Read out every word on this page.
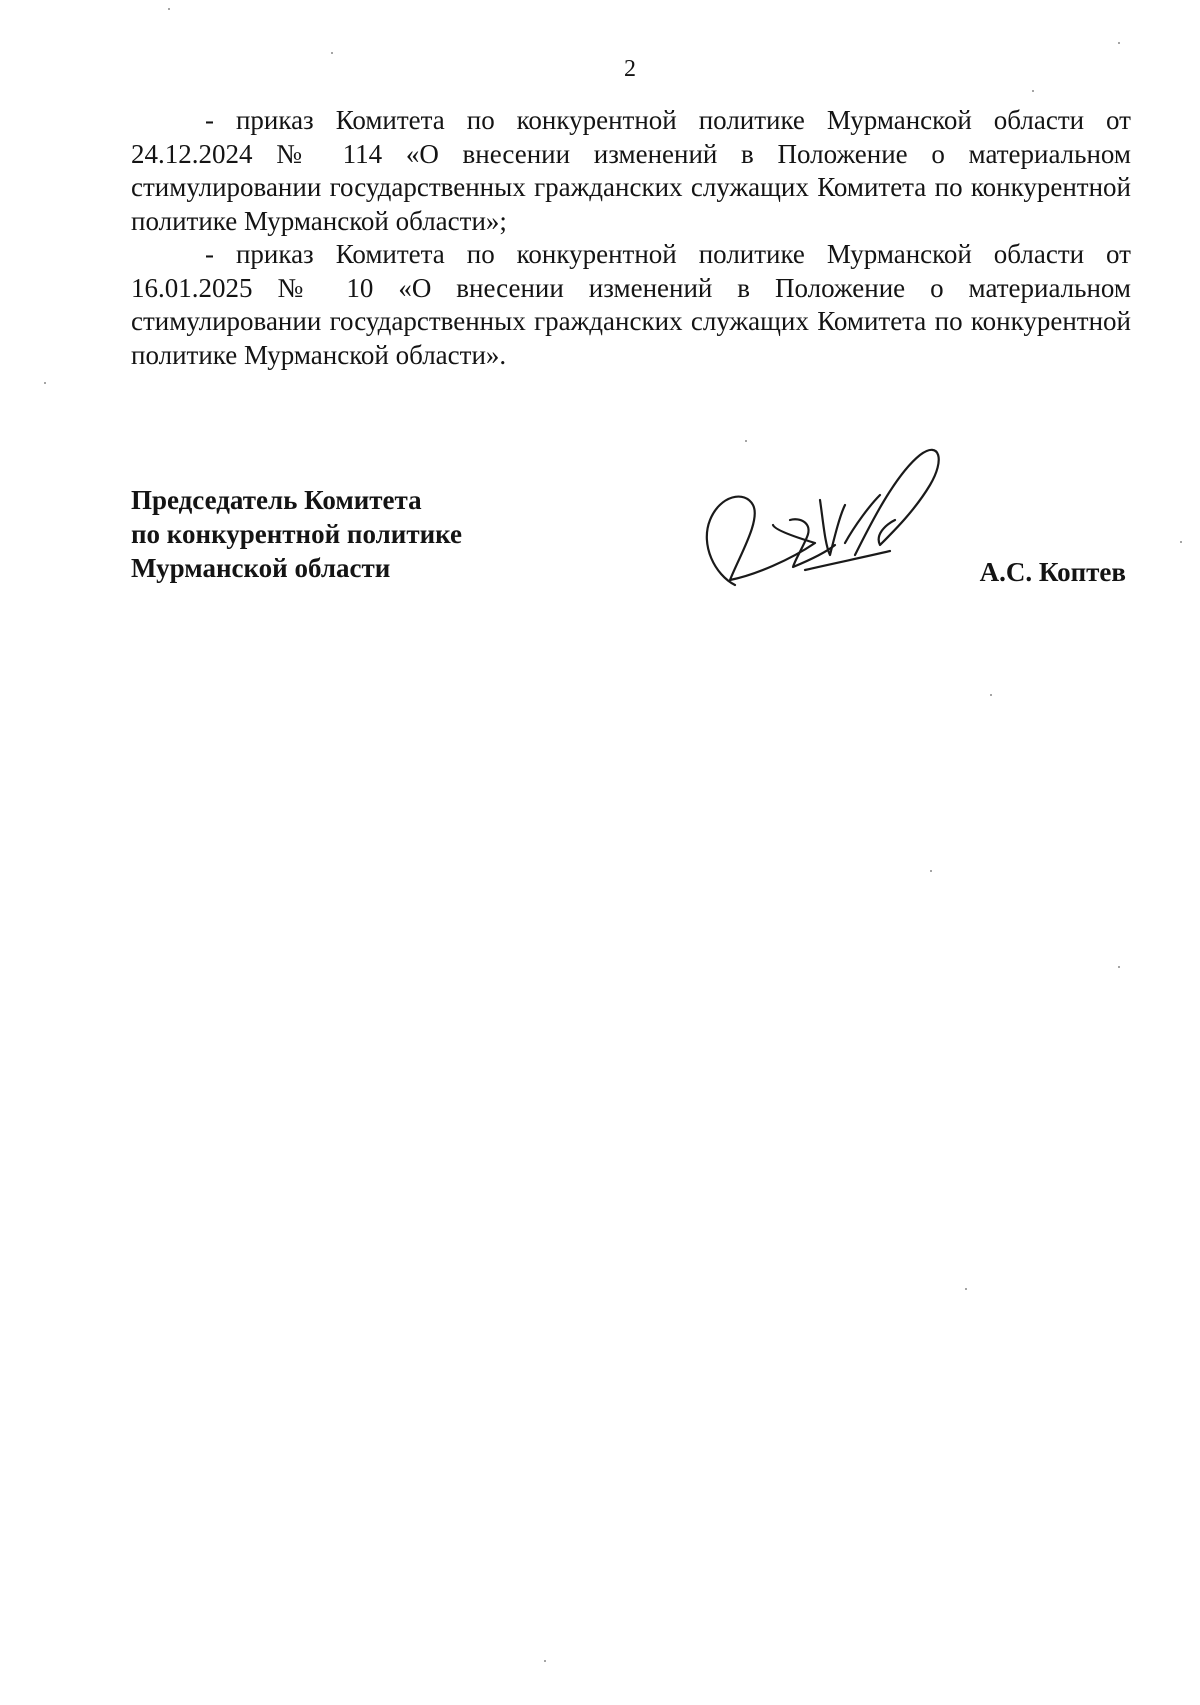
2

- приказ Комитета по конкурентной политике Мурманской области от 24.12.2024 № 114 «О внесении изменений в Положение о материальном стимулировании государственных гражданских служащих Комитета по конкурентной политике Мурманской области»;

- приказ Комитета по конкурентной политике Мурманской области от 16.01.2025 № 10 «О внесении изменений в Положение о материальном стимулировании государственных гражданских служащих Комитета по конкурентной политике Мурманской области».

Председатель Комитета
по конкурентной политике
Мурманской области	А.С. Коптев
